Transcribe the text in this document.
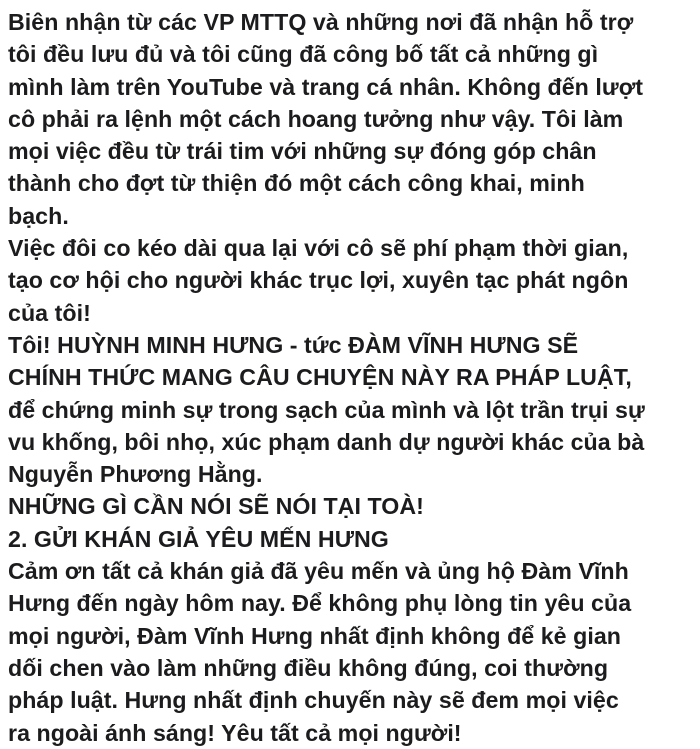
Biên nhận từ các VP MTTQ và những nơi đã nhận hỗ trợ
tôi đều lưu đủ và tôi cũng đã công bố tất cả những gì
mình làm trên YouTube và trang cá nhân. Không đến lượt
cô phải ra lệnh một cách hoang tưởng như vậy. Tôi làm
mọi việc đều từ trái tim với những sự đóng góp chân
thành cho đợt từ thiện đó một cách công khai, minh
bạch.
Việc đôi co kéo dài qua lại với cô sẽ phí phạm thời gian,
tạo cơ hội cho người khác trục lợi, xuyên tạc phát ngôn
của tôi!
Tôi! HUỲNH MINH HƯNG - tức ĐÀM VĨNH HƯNG SẼ
CHÍNH THỨC MANG CÂU CHUYỆN NÀY RA PHÁP LUẬT,
để chứng minh sự trong sạch của mình và lột trần trụi sự
vu khống, bôi nhọ, xúc phạm danh dự người khác của bà
Nguyễn Phương Hằng.
NHỮNG GÌ CẦN NÓI SẼ NÓI TẠI TOÀ!
2. GỬI KHÁN GIẢ YÊU MẾN HƯNG
Cảm ơn tất cả khán giả đã yêu mến và ủng hộ Đàm Vĩnh
Hưng đến ngày hôm nay. Để không phụ lòng tin yêu của
mọi người, Đàm Vĩnh Hưng nhất định không để kẻ gian
dối chen vào làm những điều không đúng, coi thường
pháp luật. Hưng nhất định chuyến này sẽ đem mọi việc
ra ngoài ánh sáng! Yêu tất cả mọi người!
